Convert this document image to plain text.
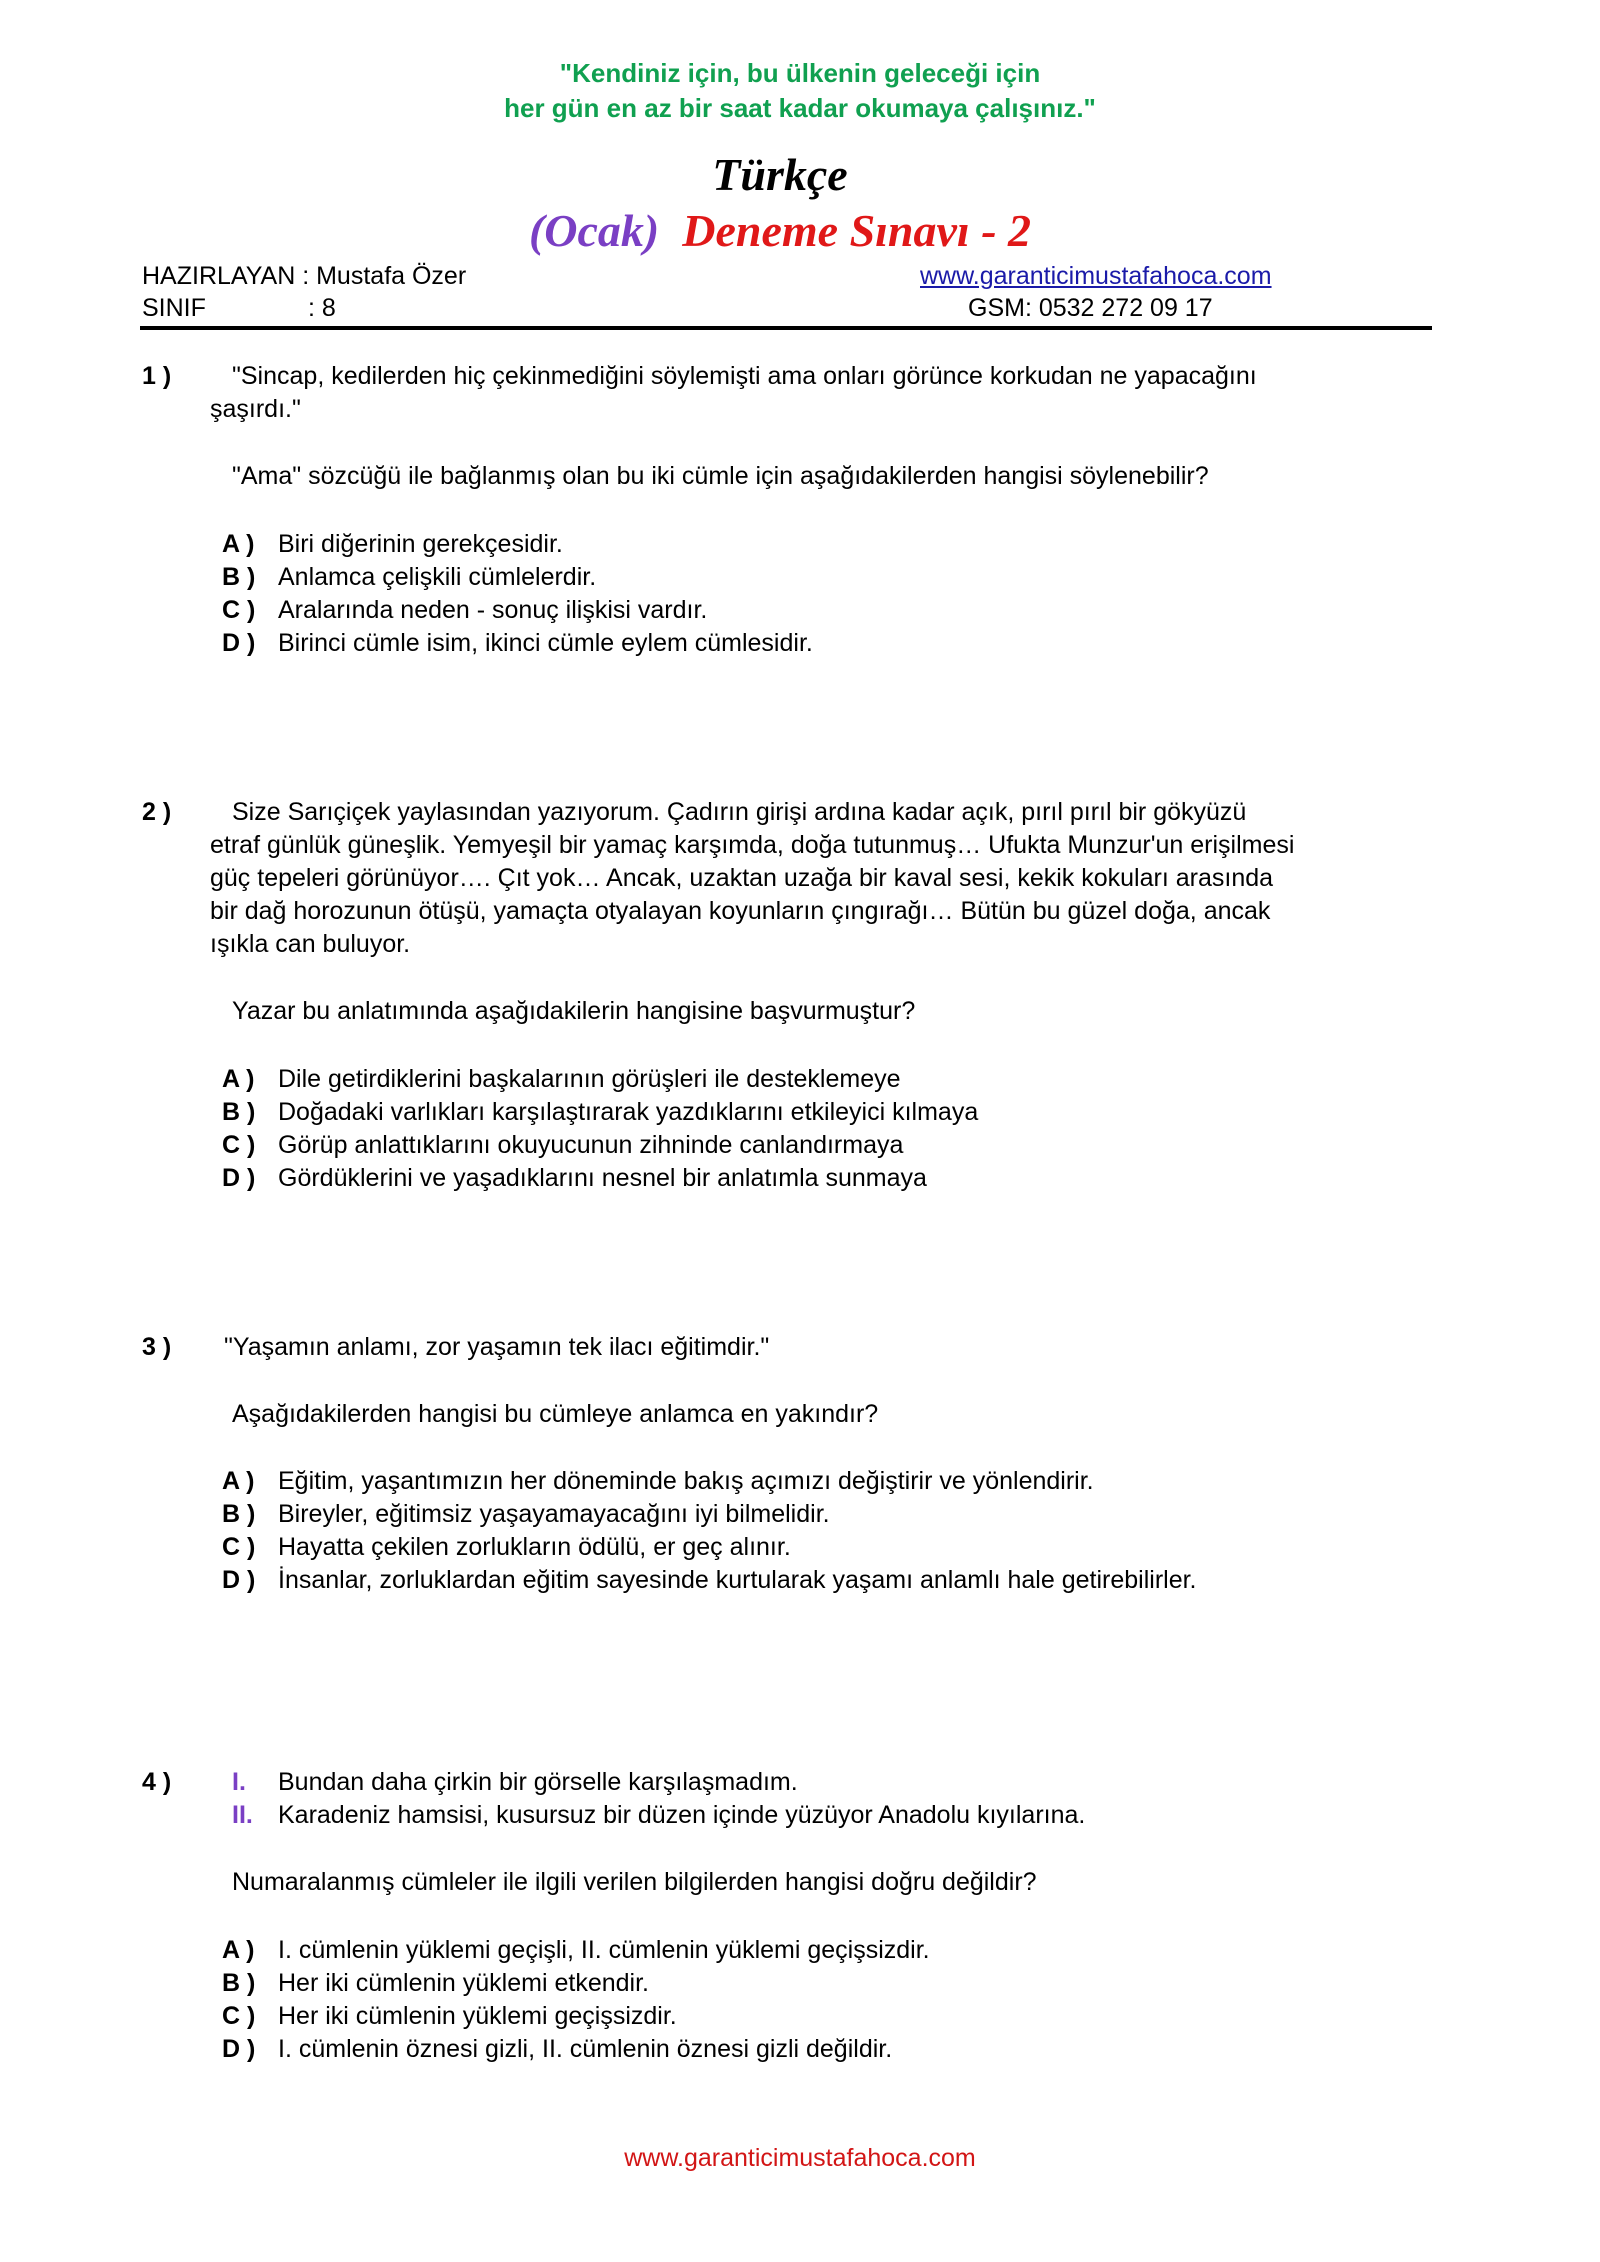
"Kendiniz için, bu ülkenin geleceği için
her gün en az bir saat kadar okumaya çalışınız."
Türkçe
(Ocak) Deneme Sınavı - 2
HAZIRLAYAN : Mustafa Özer	www.garanticimustafahoca.com
SINIF	: 8	GSM: 0532 272 09 17
1 ) "Sincap, kedilerden hiç çekinmediğini söylemişti ama onları görünce korkudan ne yapacağını
şaşırdı."
"Ama" sözcüğü ile bağlanmış olan bu iki cümle için aşağıdakilerden hangisi söylenebilir?
A ) Biri diğerinin gerekçesidir.
B ) Anlamca çelişkili cümlelerdir.
C ) Aralarında neden - sonuç ilişkisi vardır.
D ) Birinci cümle isim, ikinci cümle eylem cümlesidir.
2 ) Size Sarıçiçek yaylasından yazıyorum. Çadırın girişi ardına kadar açık, pırıl pırıl bir gökyüzü
etraf günlük güneşlik. Yemyeşil bir yamaç karşımda, doğa tutunmuş… Ufukta Munzur'un erişilmesi
güç tepeleri görünüyor…. Çıt yok… Ancak, uzaktan uzağa bir kaval sesi, kekik kokuları arasında
bir dağ horozunun ötüşü, yamaçta otyalayan koyunların çıngırağı… Bütün bu güzel doğa, ancak
ışıkla can buluyor.
Yazar bu anlatımında aşağıdakilerin hangisine başvurmuştur?
A ) Dile getirdiklerini başkalarının görüşleri ile desteklemeye
B ) Doğadaki varlıkları karşılaştırarak yazdıklarını etkileyici kılmaya
C ) Görüp anlattıklarını okuyucunun zihninde canlandırmaya
D ) Gördüklerini ve yaşadıklarını nesnel bir anlatımla sunmaya
3 ) "Yaşamın anlamı, zor yaşamın tek ilacı eğitimdir."
Aşağıdakilerden hangisi bu cümleye anlamca en yakındır?
A ) Eğitim, yaşantımızın her döneminde bakış açımızı değiştirir ve yönlendirir.
B ) Bireyler, eğitimsiz yaşayamayacağını iyi bilmelidir.
C ) Hayatta çekilen zorlukların ödülü, er geç alınır.
D ) İnsanlar, zorluklardan eğitim sayesinde kurtularak yaşamı anlamlı hale getirebilirler.
4 ) I. Bundan daha çirkin bir görselle karşılaşmadım.
II. Karadeniz hamsisi, kusursuz bir düzen içinde yüzüyor Anadolu kıyılarına.
Numaralanmış cümleler ile ilgili verilen bilgilerden hangisi doğru değildir?
A ) I. cümlenin yüklemi geçişli, II. cümlenin yüklemi geçişsizdir.
B ) Her iki cümlenin yüklemi etkendir.
C ) Her iki cümlenin yüklemi geçişsizdir.
D ) I. cümlenin öznesi gizli, II. cümlenin öznesi gizli değildir.
www.garanticimustafahoca.com
